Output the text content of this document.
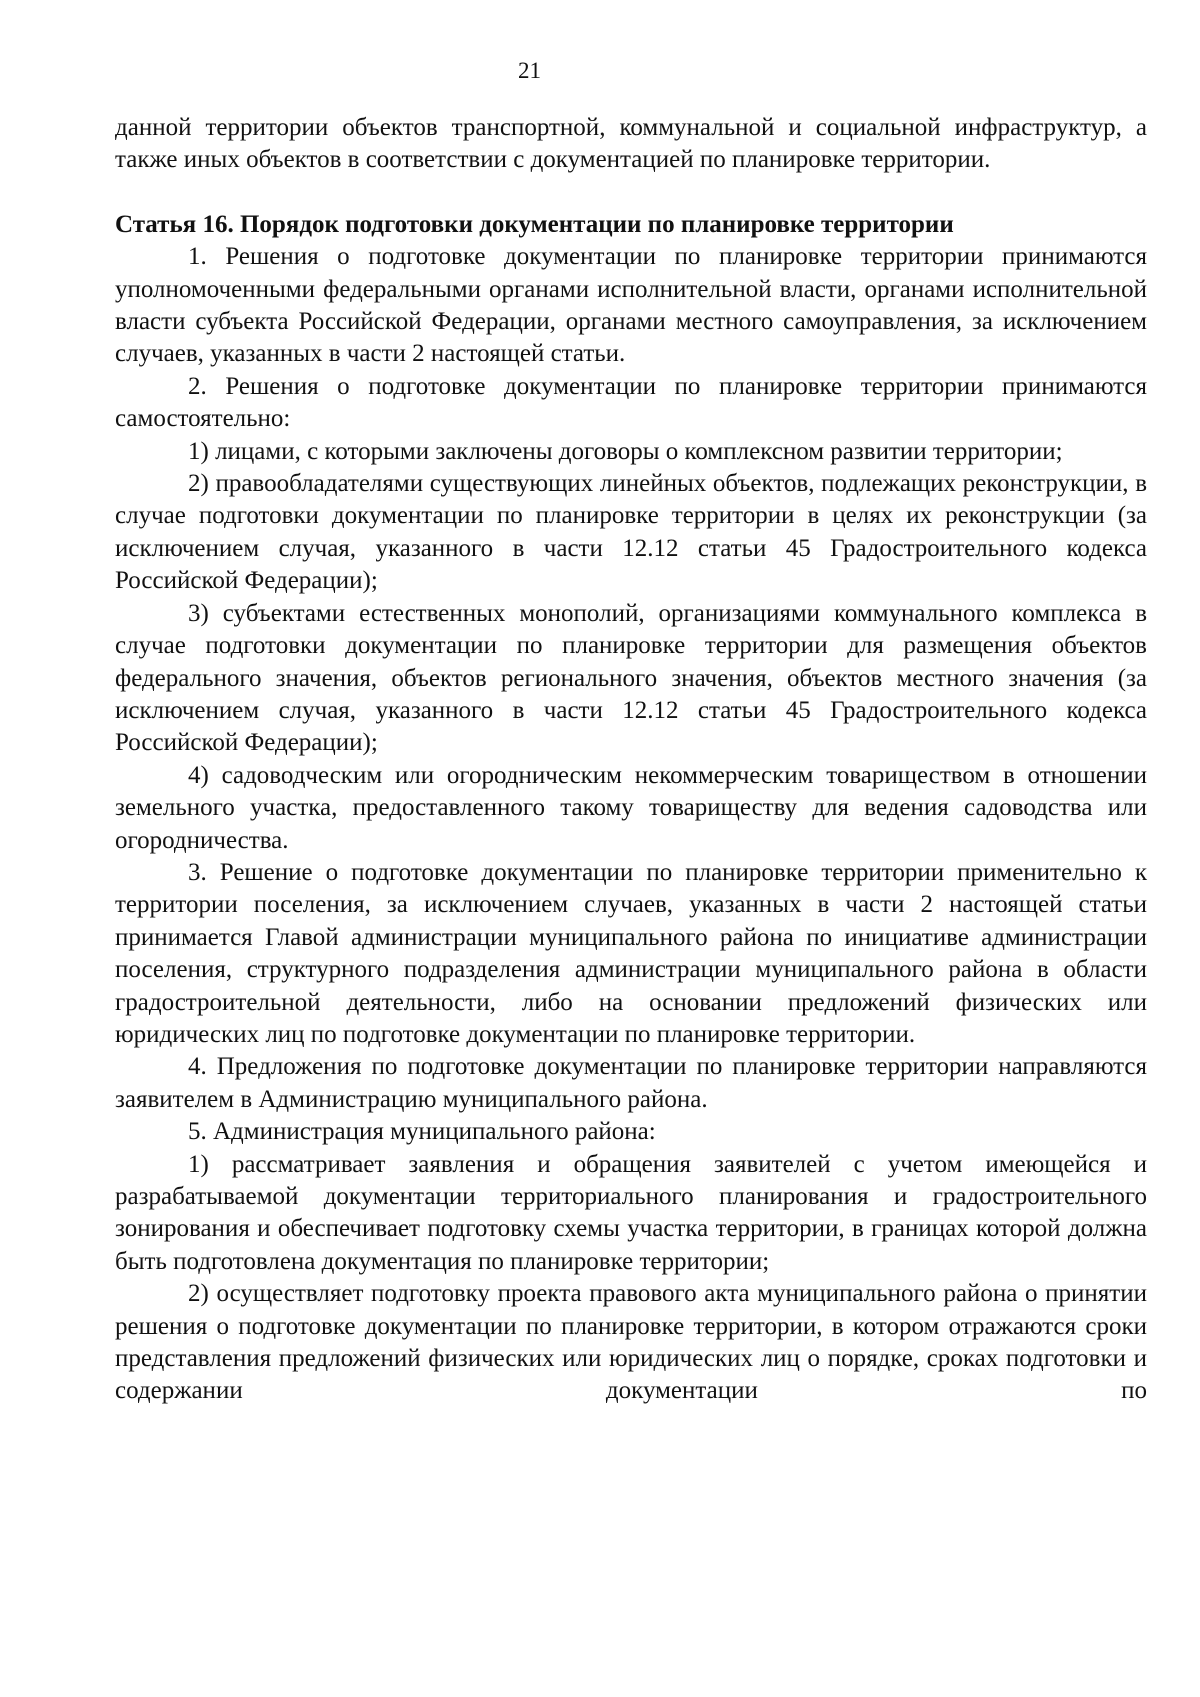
21

данной территории объектов транспортной, коммунальной и социальной инфраструктур, а также иных объектов в соответствии с документацией по планировке территории.

Статья 16. Порядок подготовки документации по планировке территории

1. Решения о подготовке документации по планировке территории принимаются уполномоченными федеральными органами исполнительной власти, органами исполнительной власти субъекта Российской Федерации, органами местного самоуправления, за исключением случаев, указанных в части 2 настоящей статьи.

2. Решения о подготовке документации по планировке территории принимаются самостоятельно:

1) лицами, с которыми заключены договоры о комплексном развитии территории;

2) правообладателями существующих линейных объектов, подлежащих реконструкции, в случае подготовки документации по планировке территории в целях их реконструкции (за исключением случая, указанного в части 12.12 статьи 45 Градостроительного кодекса Российской Федерации);

3) субъектами естественных монополий, организациями коммунального комплекса в случае подготовки документации по планировке территории для размещения объектов федерального значения, объектов регионального значения, объектов местного значения (за исключением случая, указанного в части 12.12 статьи 45 Градостроительного кодекса Российской Федерации);

4) садоводческим или огородническим некоммерческим товариществом в отношении земельного участка, предоставленного такому товариществу для ведения садоводства или огородничества.

3. Решение о подготовке документации по планировке территории применительно к территории поселения, за исключением случаев, указанных в части 2 настоящей статьи принимается Главой администрации муниципального района по инициативе администрации поселения, структурного подразделения администрации муниципального района в области градостроительной деятельности, либо на основании предложений физических или юридических лиц по подготовке документации по планировке территории.

4. Предложения по подготовке документации по планировке территории направляются заявителем в Администрацию муниципального района.

5. Администрация муниципального района:

1) рассматривает заявления и обращения заявителей с учетом имеющейся и разрабатываемой документации территориального планирования и градостроительного зонирования и обеспечивает подготовку схемы участка территории, в границах которой должна быть подготовлена документация по планировке территории;

2) осуществляет подготовку проекта правового акта муниципального района о принятии решения о подготовке документации по планировке территории, в котором отражаются сроки представления предложений физических или юридических лиц о порядке, сроках подготовки и содержании документации по
